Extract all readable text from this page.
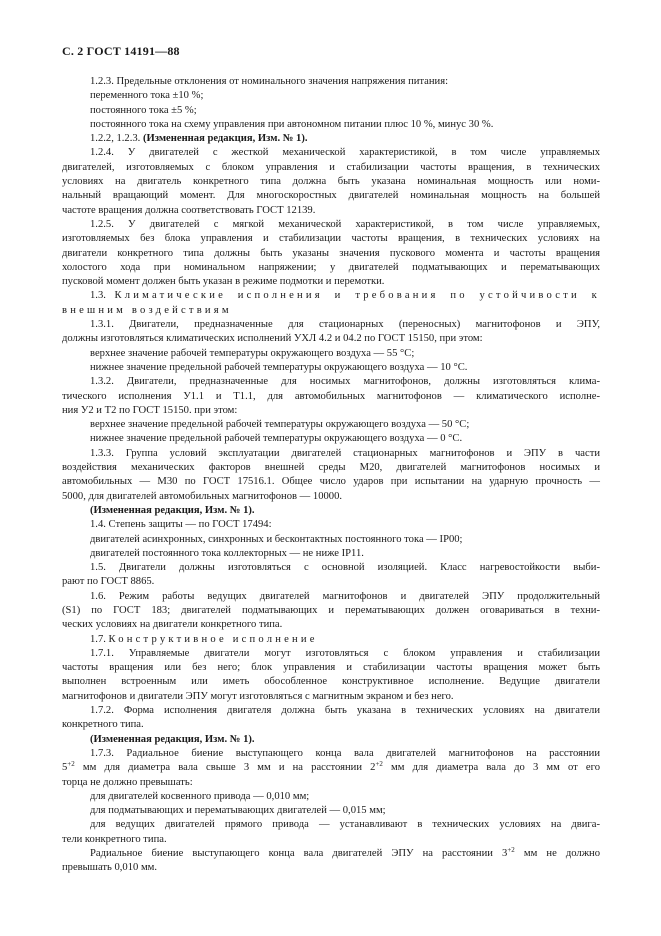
С. 2 ГОСТ 14191—88
1.2.3. Предельные отклонения от номинального значения напряжения питания:
переменного тока ±10 %;
постоянного тока ±5 %;
постоянного тока на схему управления при автономном питании плюс 10 %, минус 30 %.
1.2.2, 1.2.3. (Измененная редакция, Изм. № 1).
1.2.4. У двигателей с жесткой механической характеристикой, в том числе управляемых
двигателей, изготовляемых с блоком управления и стабилизации частоты вращения, в технических
условиях на двигатель конкретного типа должна быть указана номинальная мощность или номи-
нальный вращающий момент. Для многоскоростных двигателей номинальная мощность на большей
частоте вращения должна соответствовать ГОСТ 12139.
1.2.5. У двигателей с мягкой механической характеристикой, в том числе управляемых,
изготовляемых без блока управления и стабилизации частоты вращения, в технических условиях на
двигатели конкретного типа должны быть указаны значения пускового момента и частоты вращения
холостого хода при номинальном напряжении; у двигателей подматывающих и перематывающих
пусковой момент должен быть указан в режиме подмотки и перемотки.
1.3. Климатические исполнения и требования по устойчивости к
внешним воздействиям
1.3.1. Двигатели, предназначенные для стационарных (переносных) магнитофонов и ЭПУ,
должны изготовляться климатических исполнений УХЛ 4.2 и 04.2 по ГОСТ 15150, при этом:
верхнее значение рабочей температуры окружающего воздуха — 55 °С;
нижнее значение предельной рабочей температуры окружающего воздуха — 10 °С.
1.3.2. Двигатели, предназначенные для носимых магнитофонов, должны изготовляться клима-
тического исполнения У1.1 и Т1.1, для автомобильных магнитофонов — климатического исполне-
ния У2 и Т2 по ГОСТ 15150. при этом:
верхнее значение предельной рабочей температуры окружающего воздуха — 50 °С;
нижнее значение предельной рабочей температуры окружающего воздуха — 0 °С.
1.3.3. Группа условий эксплуатации двигателей стационарных магнитофонов и ЭПУ в части
воздействия механических факторов внешней среды М20, двигателей магнитофонов носимых и
автомобильных — М30 по ГОСТ 17516.1. Общее число ударов при испытании на ударную прочность —
5000, для двигателей автомобильных магнитофонов — 10000.
(Измененная редакция, Изм. № 1).
1.4. Степень защиты — по ГОСТ 17494:
двигателей асинхронных, синхронных и бесконтактных постоянного тока — IP00;
двигателей постоянного тока коллекторных — не ниже IP11.
1.5. Двигатели должны изготовляться с основной изоляцией. Класс нагревостойкости выби-
рают по ГОСТ 8865.
1.6. Режим работы ведущих двигателей магнитофонов и двигателей ЭПУ продолжительный
(S1) по ГОСТ 183; двигателей подматывающих и перематывающих должен оговариваться в техни-
ческих условиях на двигатели конкретного типа.
1.7. Конструктивное исполнение
1.7.1. Управляемые двигатели могут изготовляться с блоком управления и стабилизации
частоты вращения или без него; блок управления и стабилизации частоты вращения может быть
выполнен встроенным или иметь обособленное конструктивное исполнение. Ведущие двигатели
магнитофонов и двигатели ЭПУ могут изготовляться с магнитным экраном и без него.
1.7.2. Форма исполнения двигателя должна быть указана в технических условиях на двигатели
конкретного типа.
(Измененная редакция, Изм. № 1).
1.7.3. Радиальное биение выступающего конца вала двигателей магнитофонов на расстоянии
$5^{+2}$ мм для диаметра вала свыше 3 мм и на расстоянии $2^{+2}$ мм для диаметра вала до 3 мм от его
торца не должно превышать:
для двигателей косвенного привода — 0,010 мм;
для подматывающих и перематывающих двигателей — 0,015 мм;
для ведущих двигателей прямого привода — устанавливают в технических условиях на двига-
тели конкретного типа.
Радиальное биение выступающего конца вала двигателей ЭПУ на расстоянии $3^{+2}$ мм не должно
превышать 0,010 мм.
